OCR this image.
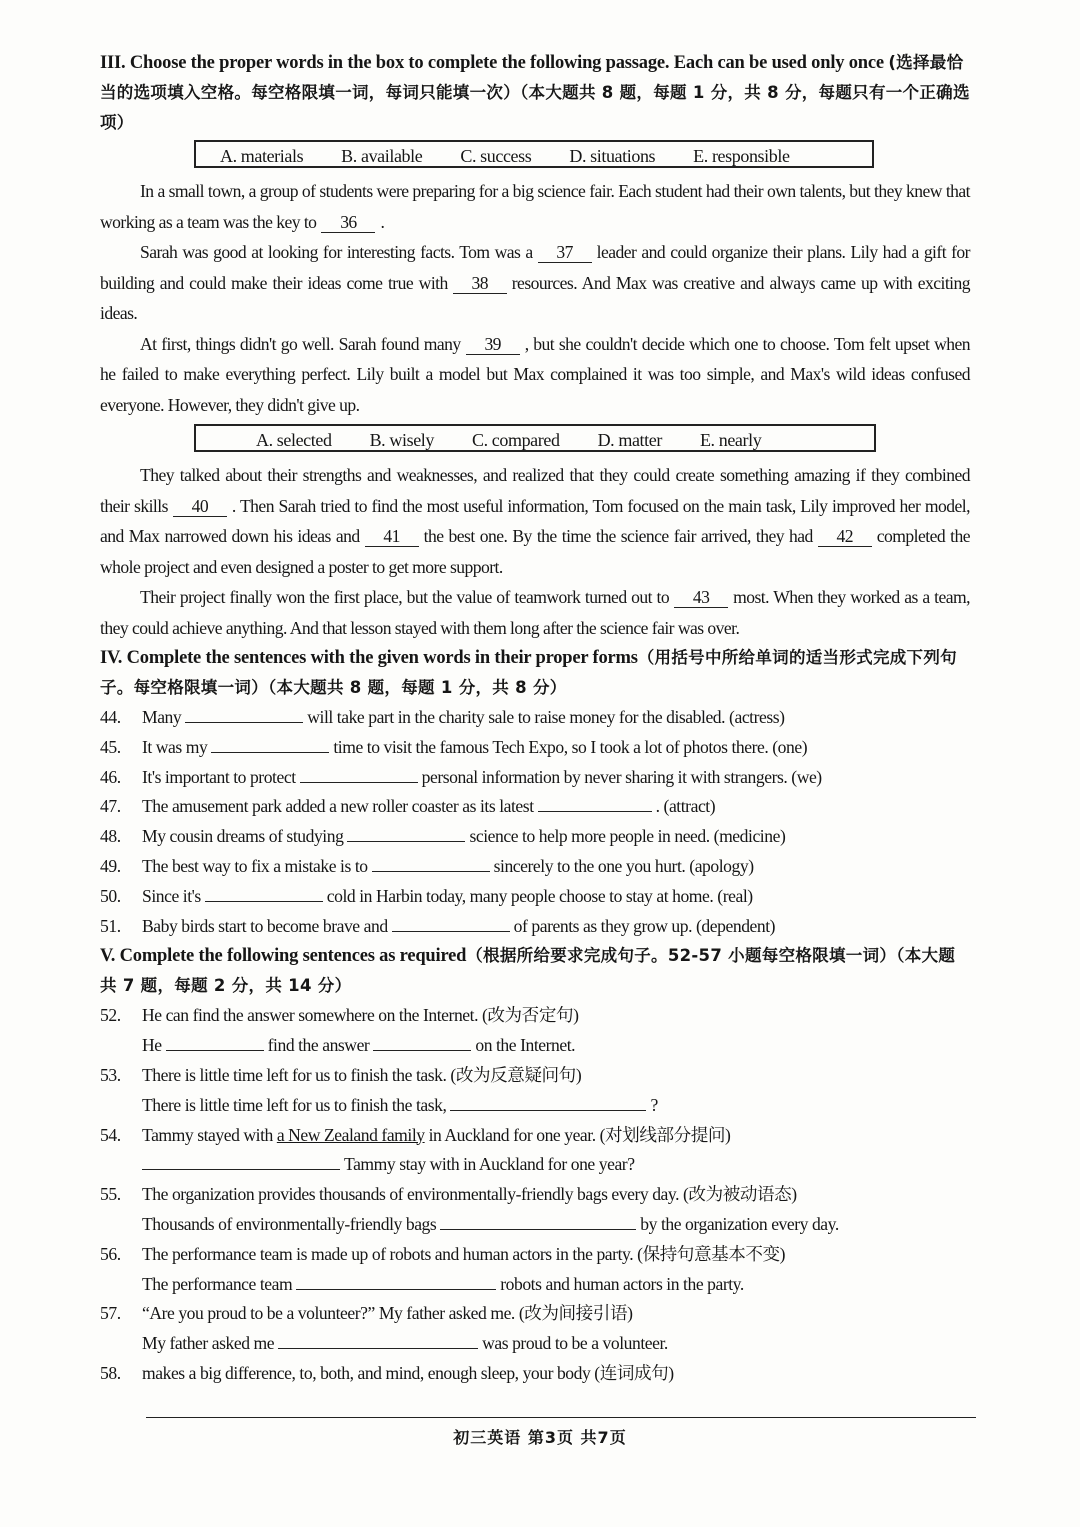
III. Choose the proper words in the box to complete the following passage. Each can be used only once (选择最恰当的选项填入空格。每空格限填一词，每词只能填一次）（本大题共 8 题，每题 1 分，共 8 分，每题只有一个正确选项）
A. materials B. available C. success D. situations E. responsible

In a small town, a group of students were preparing for a big science fair. Each student had their own talents, but they knew that working as a team was the key to 36 .

Sarah was good at looking for interesting facts. Tom was a 37 leader and could organize their plans. Lily had a gift for building and could make their ideas come true with 38 resources. And Max was creative and always came up with exciting ideas.

At first, things didn't go well. Sarah found many 39 , but she couldn't decide which one to choose. Tom felt upset when he failed to make everything perfect. Lily built a model but Max complained it was too simple, and Max's wild ideas confused everyone. However, they didn't give up.

A. selected B. wisely C. compared D. matter E. nearly

They talked about their strengths and weaknesses, and realized that they could create something amazing if they combined their skills 40 . Then Sarah tried to find the most useful information, Tom focused on the main task, Lily improved her model, and Max narrowed down his ideas and 41 the best one. By the time the science fair arrived, they had 42 completed the whole project and even designed a poster to get more support.

Their project finally won the first place, but the value of teamwork turned out to 43 most. When they worked as a team, they could achieve anything. And that lesson stayed with them long after the science fair was over.

IV. Complete the sentences with the given words in their proper forms（用括号中所给单词的适当形式完成下列句子。每空格限填一词）（本大题共 8 题，每题 1 分，共 8 分）
44. Many	will take part in the charity sale to raise money for the disabled. (actress)
45. It was my	time to visit the famous Tech Expo, so I took a lot of photos there. (one)
46. It's important to protect	personal information by never sharing it with strangers. (we)
47. The amusement park added a new roller coaster as its latest	. (attract)
48. My cousin dreams of studying	science to help more people in need. (medicine)
49. The best way to fix a mistake is to	sincerely to the one you hurt. (apology)
50. Since it's	cold in Harbin today, many people choose to stay at home. (real)
51. Baby birds start to become brave and	of parents as they grow up. (dependent)
V. Complete the following sentences as required（根据所给要求完成句子。52-57 小题每空格限填一词）（本大题共 7 题，每题 2 分，共 14 分）
52. He can find the answer somewhere on the Internet. (改为否定句)
He	find the answer	on the Internet.
53. There is little time left for us to finish the task. (改为反意疑问句)
There is little time left for us to finish the task,	?
54. Tammy stayed with a New Zealand family in Auckland for one year. (对划线部分提问)
Tammy stay with in Auckland for one year?
55. The organization provides thousands of environmentally-friendly bags every day. (改为被动语态)
Thousands of environmentally-friendly bags	by the organization every day.
56. The performance team is made up of robots and human actors in the party. (保持句意基本不变)
The performance team	robots and human actors in the party.
57. “Are you proud to be a volunteer?” My father asked me. (改为间接引语)
My father asked me	was proud to be a volunteer.
58. makes a big difference, to, both, and mind, enough sleep, your body (连词成句)
初三英语 第3页 共7页
